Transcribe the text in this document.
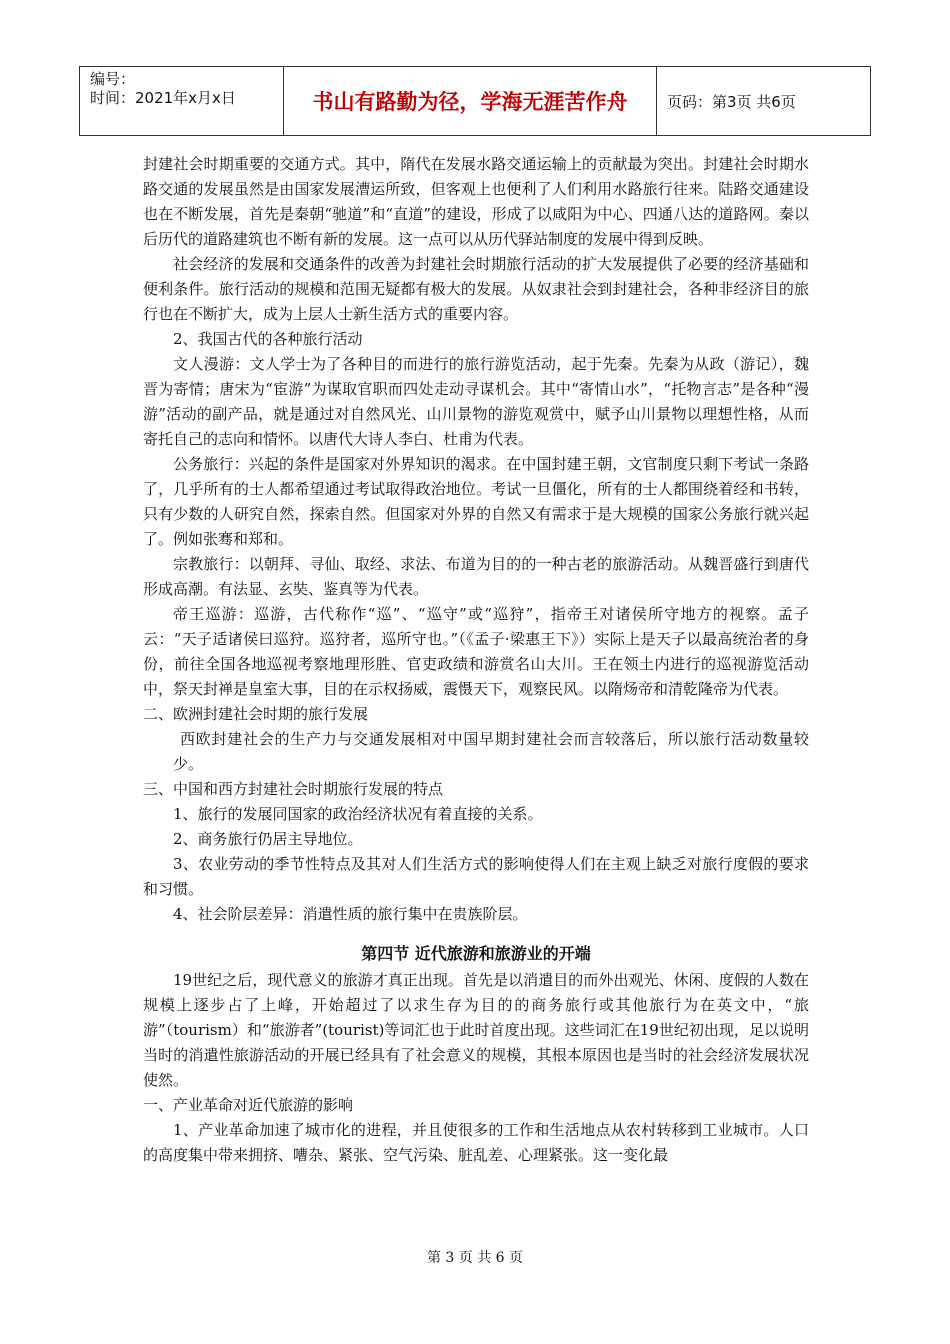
编号：
时间：2021年x月x日	书山有路勤为径，学海无涯苦作舟	页码：第3页 共6页

封建社会时期重要的交通方式。其中，隋代在发展水路交通运输上的贡献最为突出。封建社会时期水路交通的发展虽然是由国家发展漕运所致，但客观上也便利了人们利用水路旅行往来。陆路交通建设也在不断发展，首先是秦朝“驰道”和“直道”的建设，形成了以咸阳为中心、四通八达的道路网。秦以后历代的道路建筑也不断有新的发展。这一点可以从历代驿站制度的发展中得到反映。

社会经济的发展和交通条件的改善为封建社会时期旅行活动的扩大发展提供了必要的经济基础和便利条件。旅行活动的规模和范围无疑都有极大的发展。从奴隶社会到封建社会，各种非经济目的旅行也在不断扩大，成为上层人士新生活方式的重要内容。

2、我国古代的各种旅行活动

文人漫游：文人学士为了各种目的而进行的旅行游览活动，起于先秦。先秦为从政（游记），魏晋为寄情；唐宋为“宦游”为谋取官职而四处走动寻谋机会。其中“寄情山水”，“托物言志”是各种“漫游”活动的副产品，就是通过对自然风光、山川景物的游览观赏中，赋予山川景物以理想性格，从而寄托自己的志向和情怀。以唐代大诗人李白、杜甫为代表。

公务旅行：兴起的条件是国家对外界知识的渴求。在中国封建王朝，文官制度只剩下考试一条路了，几乎所有的士人都希望通过考试取得政治地位。考试一旦僵化，所有的士人都围绕着经和书转，只有少数的人研究自然，探索自然。但国家对外界的自然又有需求于是大规模的国家公务旅行就兴起了。例如张骞和郑和。

宗教旅行：以朝拜、寻仙、取经、求法、布道为目的的一种古老的旅游活动。从魏晋盛行到唐代形成高潮。有法显、玄奘、鉴真等为代表。

帝王巡游：巡游，古代称作“巡”、“巡守”或“巡狩”，指帝王对诸侯所守地方的视察。孟子云：“天子适诸侯曰巡狩。巡狩者，巡所守也。”（《孟子·梁惠王下》）实际上是天子以最高统治者的身份，前往全国各地巡视考察地理形胜、官吏政绩和游赏名山大川。王在领土内进行的巡视游览活动中，祭天封禅是皇室大事，目的在示权扬威，震慑天下，观察民风。以隋炀帝和清乾隆帝为代表。

二、欧洲封建社会时期的旅行发展

西欧封建社会的生产力与交通发展相对中国早期封建社会而言较落后，所以旅行活动数量较少。

三、中国和西方封建社会时期旅行发展的特点

1、旅行的发展同国家的政治经济状况有着直接的关系。

2、商务旅行仍居主导地位。

3、农业劳动的季节性特点及其对人们生活方式的影响使得人们在主观上缺乏对旅行度假的要求和习惯。

4、社会阶层差异：消遣性质的旅行集中在贵族阶层。

第四节 近代旅游和旅游业的开端

19世纪之后，现代意义的旅游才真正出现。首先是以消遣目的而外出观光、休闲、度假的人数在规模上逐步占了上峰，开始超过了以求生存为目的的商务旅行或其他旅行为在英文中，“旅游”（tourism）和“旅游者”(tourist)等词汇也于此时首度出现。这些词汇在19世纪初出现，足以说明当时的消遣性旅游活动的开展已经具有了社会意义的规模，其根本原因也是当时的社会经济发展状况使然。

一、产业革命对近代旅游的影响

1、产业革命加速了城市化的进程，并且使很多的工作和生活地点从农村转移到工业城市。人口的高度集中带来拥挤、嘈杂、紧张、空气污染、脏乱差、心理紧张。这一变化最

第 3 页 共 6 页
